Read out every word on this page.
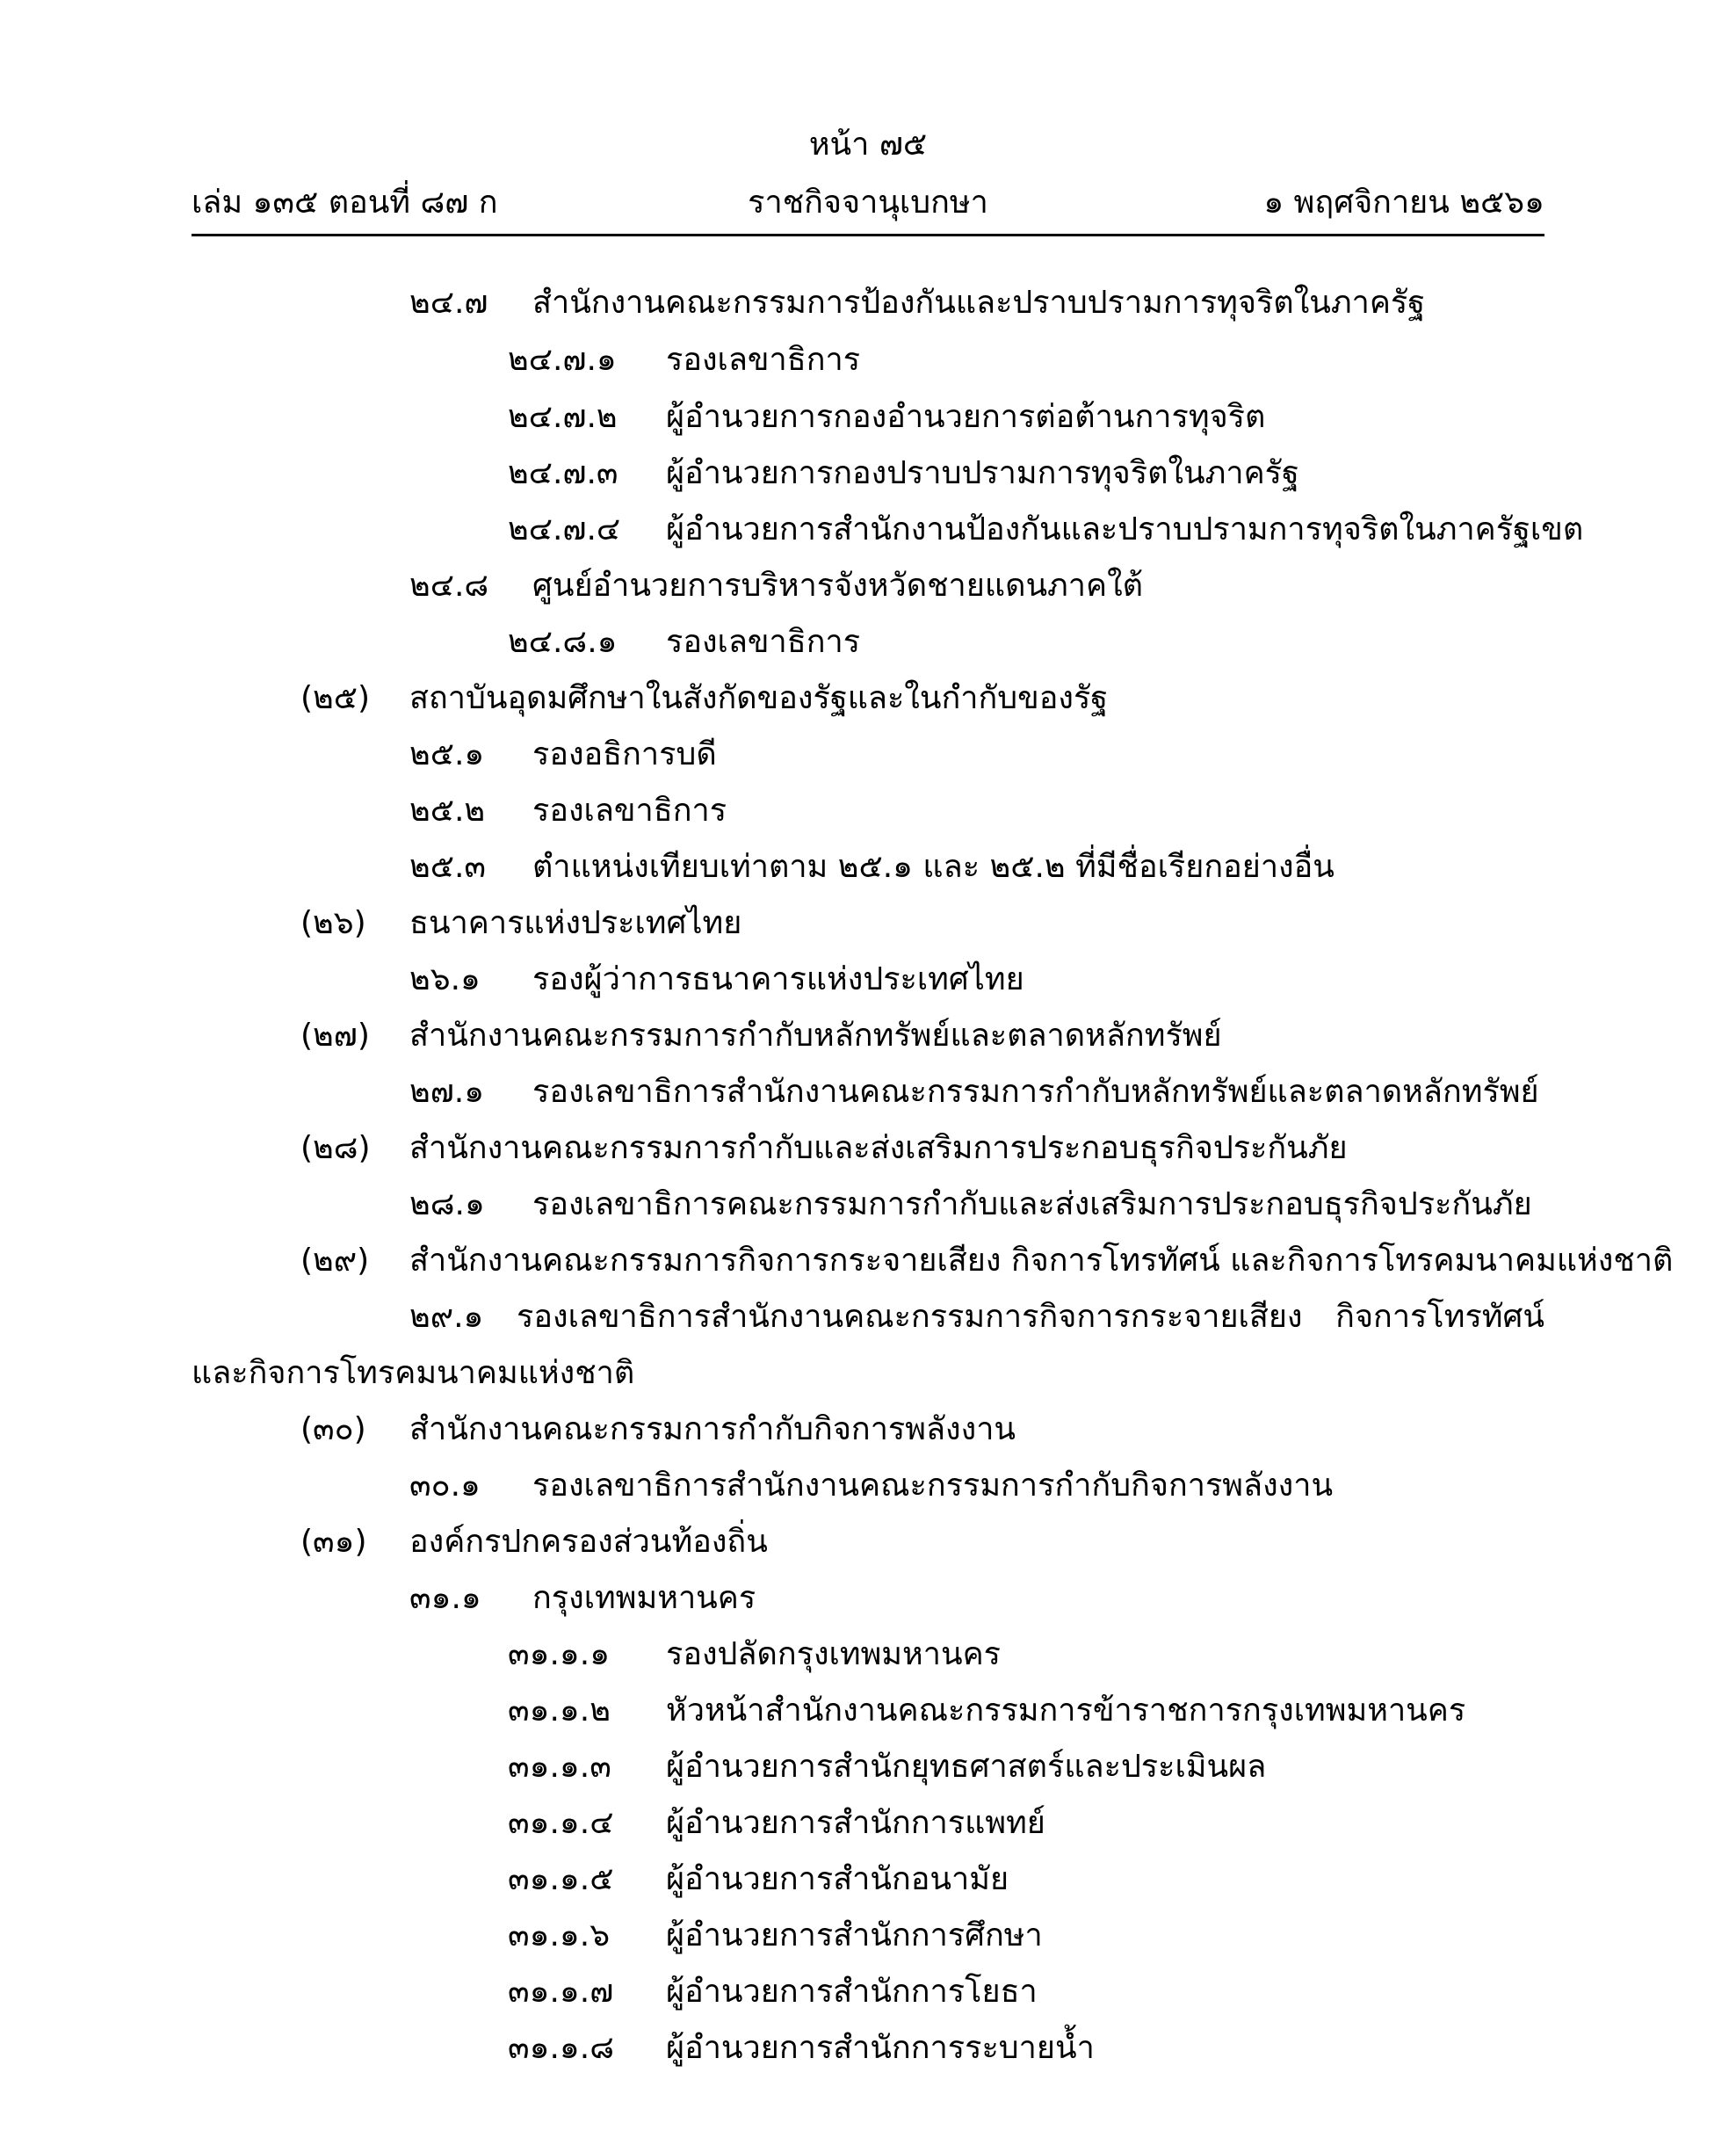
หน้า ๗๕
เล่ม ๑๓๕ ตอนที่ ๘๗ ก	ราชกิจจานุเบกษา	๑ พฤศจิกายน ๒๕๖๑
๒๔.๗ สำนักงานคณะกรรมการป้องกันและปราบปรามการทุจริตในภาครัฐ
๒๔.๗.๑ รองเลขาธิการ
๒๔.๗.๒ ผู้อำนวยการกองอำนวยการต่อต้านการทุจริต
๒๔.๗.๓ ผู้อำนวยการกองปราบปรามการทุจริตในภาครัฐ
๒๔.๗.๔ ผู้อำนวยการสำนักงานป้องกันและปราบปรามการทุจริตในภาครัฐเขต
๒๔.๘ ศูนย์อำนวยการบริหารจังหวัดชายแดนภาคใต้
๒๔.๘.๑ รองเลขาธิการ
(๒๕) สถาบันอุดมศึกษาในสังกัดของรัฐและในกำกับของรัฐ
๒๕.๑ รองอธิการบดี
๒๕.๒ รองเลขาธิการ
๒๕.๓ ตำแหน่งเทียบเท่าตาม ๒๕.๑ และ ๒๕.๒ ที่มีชื่อเรียกอย่างอื่น
(๒๖) ธนาคารแห่งประเทศไทย
๒๖.๑ รองผู้ว่าการธนาคารแห่งประเทศไทย
(๒๗) สำนักงานคณะกรรมการกำกับหลักทรัพย์และตลาดหลักทรัพย์
๒๗.๑ รองเลขาธิการสำนักงานคณะกรรมการกำกับหลักทรัพย์และตลาดหลักทรัพย์
(๒๘) สำนักงานคณะกรรมการกำกับและส่งเสริมการประกอบธุรกิจประกันภัย
๒๘.๑ รองเลขาธิการคณะกรรมการกำกับและส่งเสริมการประกอบธุรกิจประกันภัย
(๒๙) สำนักงานคณะกรรมการกิจการกระจายเสียง กิจการโทรทัศน์ และกิจการโทรคมนาคมแห่งชาติ
๒๙.๑ รองเลขาธิการสำนักงานคณะกรรมการกิจการกระจายเสียง กิจการโทรทัศน์
และกิจการโทรคมนาคมแห่งชาติ
(๓๐) สำนักงานคณะกรรมการกำกับกิจการพลังงาน
๓๐.๑ รองเลขาธิการสำนักงานคณะกรรมการกำกับกิจการพลังงาน
(๓๑) องค์กรปกครองส่วนท้องถิ่น
๓๑.๑ กรุงเทพมหานคร
๓๑.๑.๑ รองปลัดกรุงเทพมหานคร
๓๑.๑.๒ หัวหน้าสำนักงานคณะกรรมการข้าราชการกรุงเทพมหานคร
๓๑.๑.๓ ผู้อำนวยการสำนักยุทธศาสตร์และประเมินผล
๓๑.๑.๔ ผู้อำนวยการสำนักการแพทย์
๓๑.๑.๕ ผู้อำนวยการสำนักอนามัย
๓๑.๑.๖ ผู้อำนวยการสำนักการศึกษา
๓๑.๑.๗ ผู้อำนวยการสำนักการโยธา
๓๑.๑.๘ ผู้อำนวยการสำนักการระบายน้ำ
